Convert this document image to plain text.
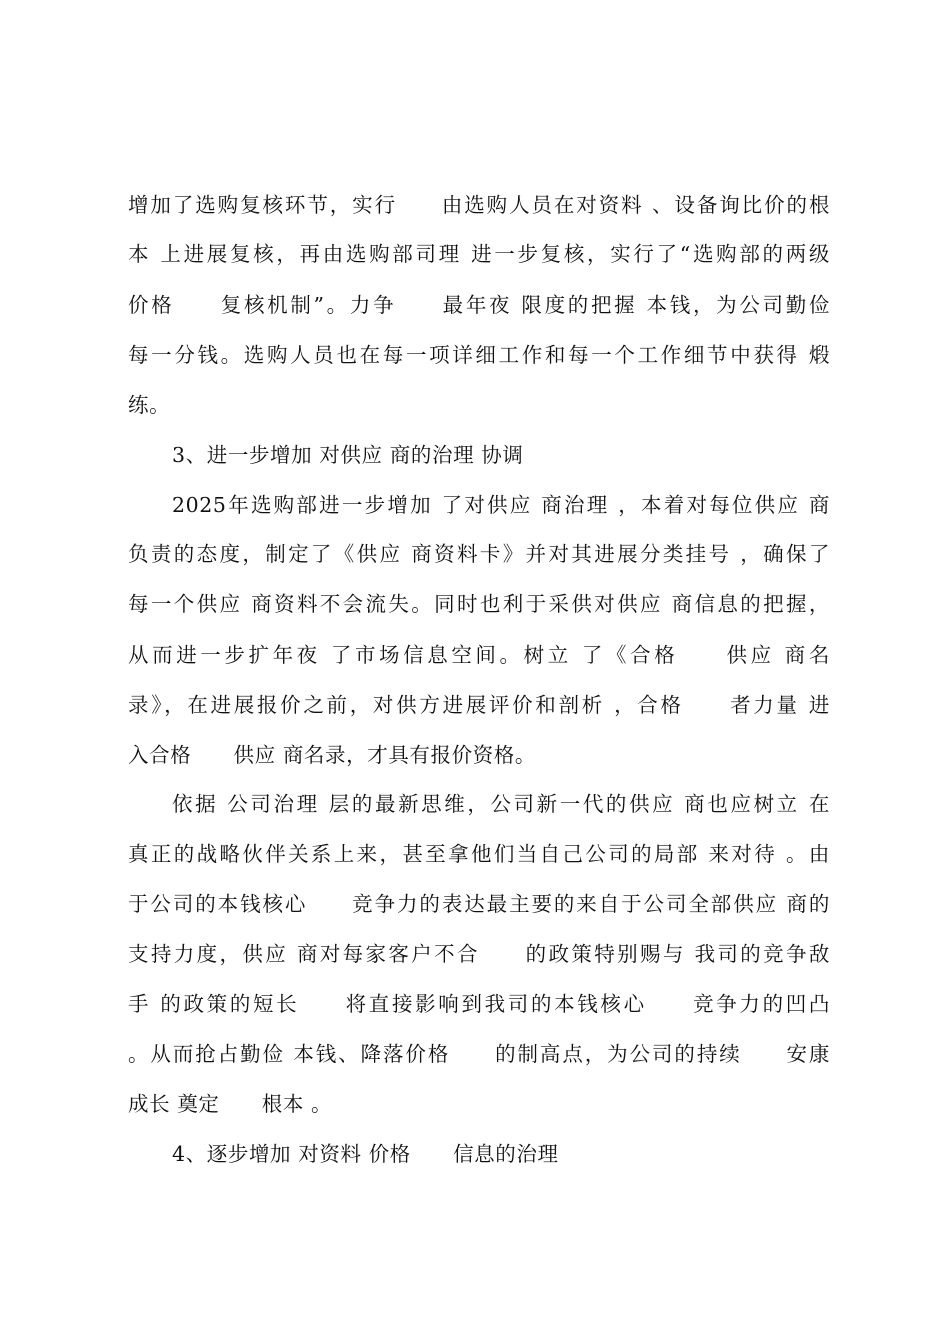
增加了选购复核环节，实行　　由选购人员在对资料 、设备询比价的根
本 上进展复核，再由选购部司理 进一步复核，实行了“选购部的两级
价格　　复核机制”。力争　　最年夜 限度的把握 本钱，为公司勤俭
每一分钱。选购人员也在每一项详细工作和每一个工作细节中获得 煅
练。
3、进一步增加 对供应 商的治理 协调
2025年选购部进一步增加 了对供应 商治理 ，本着对每位供应 商
负责的态度，制定了《供应 商资料卡》并对其进展分类挂号 ，确保了
每一个供应 商资料不会流失。同时也利于采供对供应 商信息的把握，
从而进一步扩年夜 了市场信息空间。树立 了《合格　　供应 商名
录》，在进展报价之前，对供方进展评价和剖析 ，合格　　者力量 进
入合格　　供应 商名录，才具有报价资格。
依据 公司治理 层的最新思维，公司新一代的供应 商也应树立 在
真正的战略伙伴关系上来，甚至拿他们当自己公司的局部 来对待 。由
于公司的本钱核心　　竞争力的表达最主要的来自于公司全部供应 商的
支持力度，供应 商对每家客户不合　　的政策特别赐与 我司的竞争敌
手 的政策的短长　　将直接影响到我司的本钱核心　　竞争力的凹凸
。从而抢占勤俭 本钱、降落价格　　的制高点，为公司的持续　　安康
成长 奠定　　根本 。
4、逐步增加 对资料 价格　　信息的治理
